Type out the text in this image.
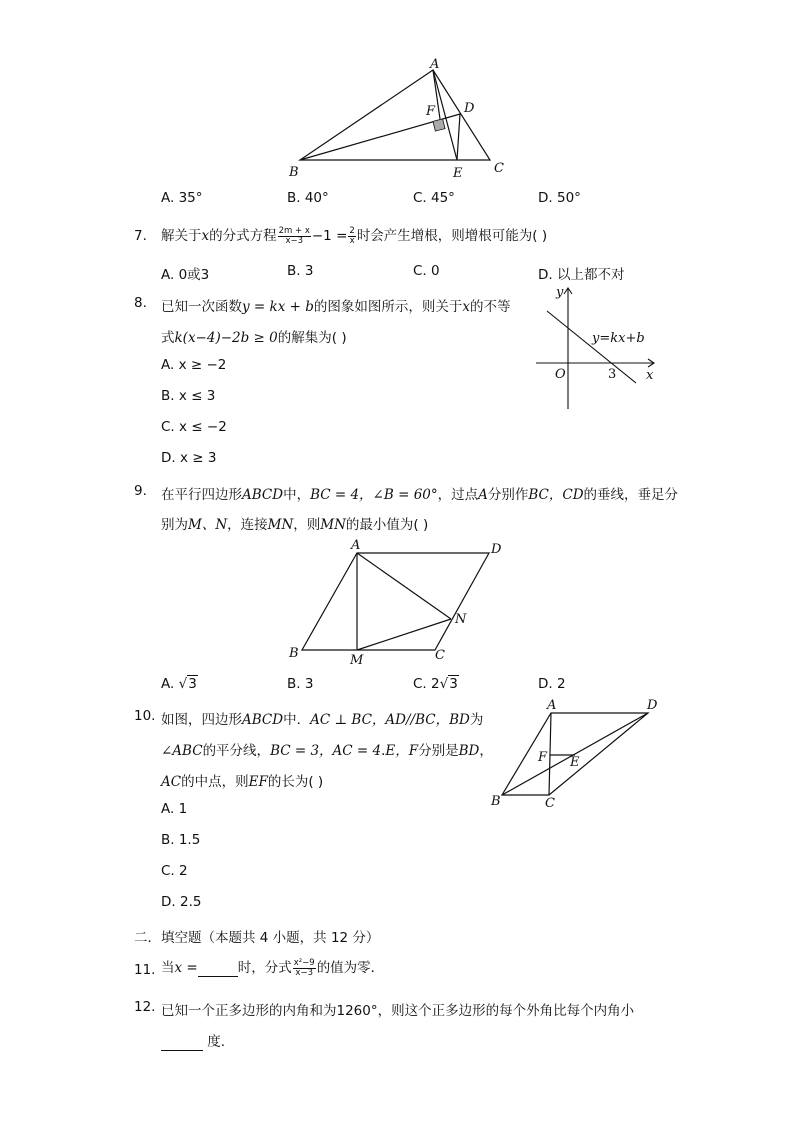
A
F D
B	E C
A. 35°	B. 40°	C. 45°	D. 50°
7. 解关于x的分式方程 $\frac{2m + x}{x-3} -1 = \frac{2}{x}$ 时会产生增根，则增根可能为( )
A. 0或3	B. 3	C. 0	D. 以上都不对
8. 已知一次函数y = kx + b的图象如图所示，则关于x的不等
式k(x−4)−2b ≥ 0的解集为( )
A. x ≥ −2
B. x ≤ 3
C. x ≤ −2
D. x ≥ 3
y
x
O	3
y=kx+b
9. 在平行四边形ABCD中，BC = 4，∠B = 60°，过点A分别作BC，CD的垂线，垂足分
别为M、N，连接MN，则MN的最小值为( )
A	D
N
B	M	C
A. √3	B. 3	C. 2√3	D. 2
10. 如图，四边形ABCD中．AC ⊥ BC，AD//BC，BD为
∠ABC的平分线，BC = 3，AC = 4.E，F分别是BD，
AC的中点，则EF的长为( )
A. 1
B. 1.5
C. 2
D. 2.5
A	D
F E
B	C
二．填空题（本题共 4 小题，共 12 分）
11. 当x =	时，分式 $\frac{\text{x²−9}}{x-3}$ 的值为零．
12. 已知一个正多边形的内角和为1260°，则这个正多边形的每个外角比每个内角小
度.
